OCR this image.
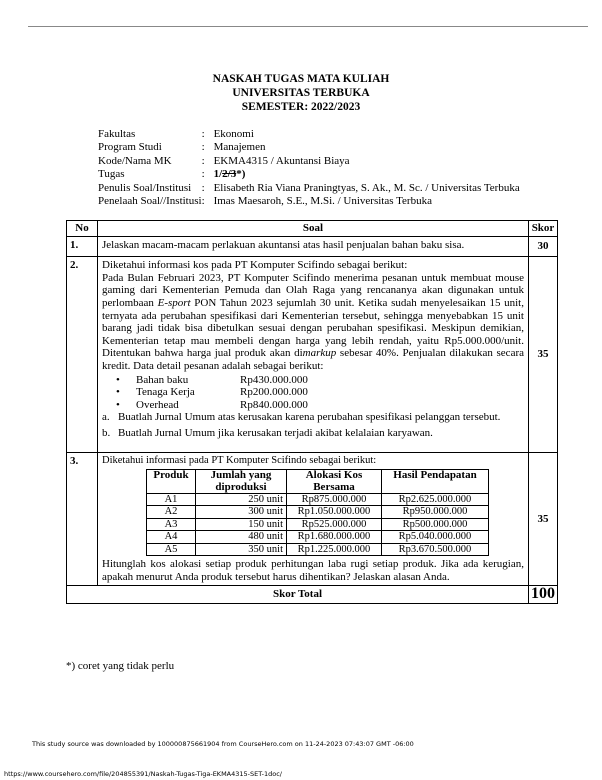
NASKAH TUGAS MATA KULIAH
UNIVERSITAS TERBUKA
SEMESTER: 2022/2023
Fakultas	:	Ekonomi
Program Studi	:	Manajemen
Kode/Nama MK	:	EKMA4315 / Akuntansi Biaya
Tugas	:	1/2/3*)
Penulis Soal/Institusi	:	Elisabeth Ria Viana Praningtyas, S. Ak., M. Sc. / Universitas Terbuka
Penelaah Soal//Institusi	:	Imas Maesaroh, S.E., M.Si. / Universitas Terbuka
No	Soal	Skor
1.	Jelaskan macam-macam perlakuan akuntansi atas hasil penjualan bahan baku sisa.	30
2.	Diketahui informasi kos pada PT Komputer Scifindo sebagai berikut:
Pada Bulan Februari 2023, PT Komputer Scifindo menerima pesanan untuk membuat mouse gaming dari Kementerian Pemuda dan Olah Raga yang rencananya akan digunakan untuk perlombaan E-sport PON Tahun 2023 sejumlah 30 unit. Ketika sudah menyelesaikan 15 unit, ternyata ada perubahan spesifikasi dari Kementerian tersebut, sehingga menyebabkan 15 unit barang jadi tidak bisa dibetulkan sesuai dengan perubahan spesifikasi. Meskipun demikian, Kementerian tetap mau membeli dengan harga yang lebih rendah, yaitu Rp5.000.000/unit. Ditentukan bahwa harga jual produk akan dimarkup sebesar 40%. Penjualan dilakukan secara kredit. Data detail pesanan adalah sebagai berikut:
•	Bahan baku	Rp430.000.000
•	Tenaga Kerja	Rp200.000.000
•	Overhead	Rp840.000.000
a. Buatlah Jurnal Umum atas kerusakan karena perubahan spesifikasi pelanggan tersebut.
b. Buatlah Jurnal Umum jika kerusakan terjadi akibat kelalaian karyawan.
	35
3.	Diketahui informasi pada PT Komputer Scifindo sebagai berikut:
Produk	Jumlah yang diproduksi	Alokasi Kos Bersama	Hasil Pendapatan
A1	250 unit	Rp875.000.000	Rp2.625.000.000
A2	300 unit	Rp1.050.000.000	Rp950.000.000
A3	150 unit	Rp525.000.000	Rp500.000.000
A4	480 unit	Rp1.680.000.000	Rp5.040.000.000
A5	350 unit	Rp1.225.000.000	Rp3.670.500.000
Hitunglah kos alokasi setiap produk perhitungan laba rugi setiap produk. Jika ada kerugian, apakah menurut Anda produk tersebut harus dihentikan? Jelaskan alasan Anda.
	35
Skor Total	100
*) coret yang tidak perlu
This study source was downloaded by 100000875661904 from CourseHero.com on 11-24-2023 07:43:07 GMT -06:00
https://www.coursehero.com/file/204855391/Naskah-Tugas-Tiga-EKMA4315-SET-1doc/
